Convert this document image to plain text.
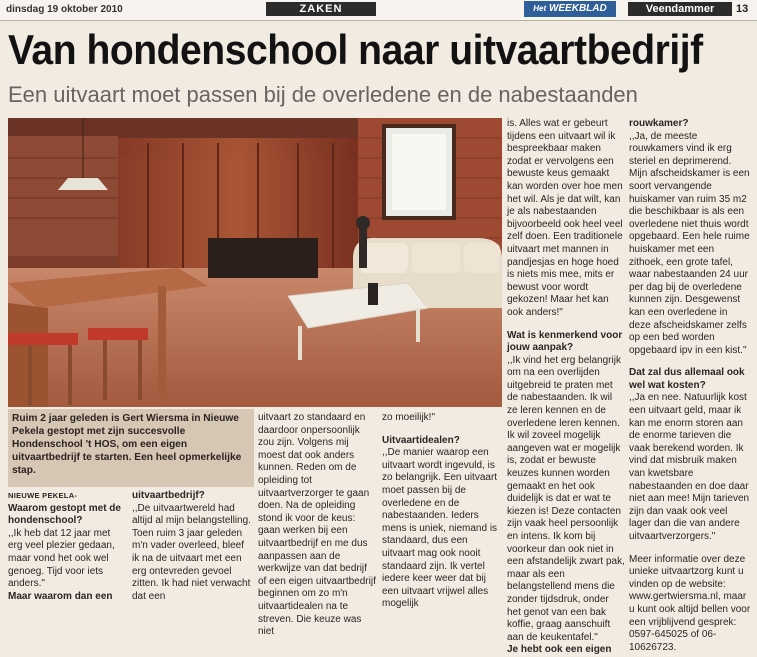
dinsdag 19 oktober 2010	ZAKEN	$^{Het}$ WEEKBLAD	Veendammer	13
Van hondenschool naar uitvaartbedrijf
Een uitvaart moet passen bij de overledene en de nabestaanden
Ruim 2 jaar geleden is Gert Wiersma in Nieuwe Pekela gestopt met zijn succesvolle Hondenschool 't HOS, om een eigen uitvaartbedrijf te starten. Een heel opmerkelijke stap.

NIEUWE PEKELA-

Waarom gestopt met de hondenschool?

,,Ik heb dat 12 jaar met erg veel plezier gedaan, maar vond het ook wel genoeg. Tijd voor iets anders."

Maar waarom dan een

uitvaartbedrijf?

,,De uitvaartwereld had altijd al mijn belangstelling. Toen ruim 3 jaar geleden m'n vader overleed, bleef ik na de uitvaart met een erg ontevreden gevoel zitten. Ik had niet verwacht dat een

uitvaart zo standaard en daardoor onpersoonlijk zou zijn. Volgens mij moest dat ook anders kunnen. Reden om de opleiding tot uitvaartverzorger te gaan doen. Na de opleiding stond ik voor de keus: gaan werken bij een uitvaartbedrijf en me dus aanpassen aan de werkwijze van dat bedrijf of een eigen uitvaartbedrijf beginnen om zo m'n uitvaartidealen na te streven. Die keuze was niet

zo moeilijk!"

Uitvaartidealen?

,,De manier waarop een uitvaart wordt ingevuld, is zo belangrijk. Een uitvaart moet passen bij de overledene en de nabestaanden. Ieders mens is uniek, niemand is standaard, dus een uitvaart mag ook nooit standaard zijn. Ik vertel iedere keer weer dat bij een uitvaart vrijwel alles mogelijk

is. Alles wat er gebeurt tijdens een uitvaart wil ik bespreekbaar maken zodat er vervolgens een bewuste keus gemaakt kan worden over hoe men het wil. Als je dat wilt, kan je als nabestaanden bijvoorbeeld ook heel veel zelf doen. Een traditionele uitvaart met mannen in pandjesjas en hoge hoed is niets mis mee, mits er bewust voor wordt gekozen! Maar het kan ook anders!"

Wat is kenmerkend voor jouw aanpak?

,,Ik vind het erg belangrijk om na een overlijden uitgebreid te praten met de nabestaanden. Ik wil ze leren kennen en de overledene leren kennen. Ik wil zoveel mogelijk aangeven wat er mogelijk is, zodat er bewuste keuzes kunnen worden gemaakt en het ook duidelijk is dat er wat te kiezen is! Deze contacten zijn vaak heel persoonlijk en intens. Ik kom bij voorkeur dan ook niet in een afstandelijk zwart pak, maar als een belangstellend mens die zonder tijdsdruk, onder het genot van een bak koffie, graag aanschuift aan de keukentafel."

Je hebt ook een eigen

rouwkamer?

,,Ja, de meeste rouwkamers vind ik erg steriel en deprimerend. Mijn afscheidskamer is een soort vervangende huiskamer van ruim 35 m2 die beschikbaar is als een overledene niet thuis wordt opgebaard. Een hele ruime huiskamer met een zithoek, een grote tafel, waar nabestaanden 24 uur per dag bij de overledene kunnen zijn. Desgewenst kan een overledene in deze afscheidskamer zelfs op een bed worden opgebaard ipv in een kist."

Dat zal dus allemaal ook wel wat kosten?

,,Ja en nee. Natuurlijk kost een uitvaart geld, maar ik kan me enorm storen aan de enorme tarieven die vaak berekend worden. Ik vind dat misbruik maken van kwetsbare nabestaanden en doe daar niet aan mee! Mijn tarieven zijn dan vaak ook veel lager dan die van andere uitvaartverzorgers."

Meer informatie over deze unieke uitvaartzorg kunt u vinden op de website: www.gertwiersma.nl, maar u kunt ook altijd bellen voor een vrijblijvend gesprek: 0597-645025 of 06-10626723.
